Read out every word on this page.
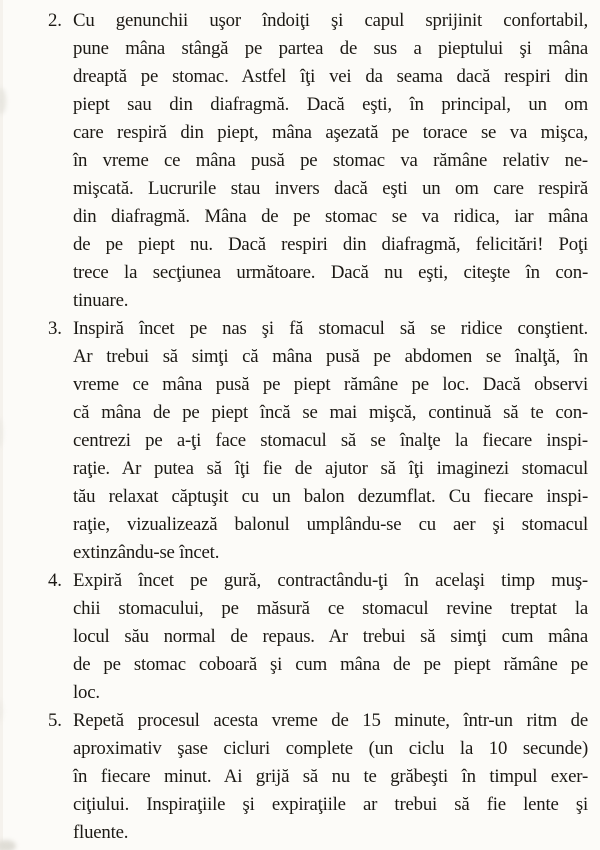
2. Cu genunchii uşor îndoiţi şi capul sprijinit confortabil,
pune mâna stângă pe partea de sus a pieptului şi mâna
dreaptă pe stomac. Astfel îţi vei da seama dacă respiri din
piept sau din diafragmă. Dacă eşti, în principal, un om
care respiră din piept, mâna aşezată pe torace se va mişca,
în vreme ce mâna pusă pe stomac va rămâne relativ ne-
mişcată. Lucrurile stau invers dacă eşti un om care respiră
din diafragmă. Mâna de pe stomac se va ridica, iar mâna
de pe piept nu. Dacă respiri din diafragmă, felicitări! Poţi
trece la secţiunea următoare. Dacă nu eşti, citeşte în con-
tinuare.
3. Inspiră încet pe nas şi fă stomacul să se ridice conştient.
Ar trebui să simţi că mâna pusă pe abdomen se înalţă, în
vreme ce mâna pusă pe piept rămâne pe loc. Dacă observi
că mâna de pe piept încă se mai mişcă, continuă să te con-
centrezi pe a-ţi face stomacul să se înalţe la fiecare inspi-
raţie. Ar putea să îţi fie de ajutor să îţi imaginezi stomacul
tău relaxat căptuşit cu un balon dezumflat. Cu fiecare inspi-
raţie, vizualizează balonul umplându-se cu aer şi stomacul
extinzându-se încet.
4. Expiră încet pe gură, contractându-ţi în acelaşi timp muş-
chii stomacului, pe măsură ce stomacul revine treptat la
locul său normal de repaus. Ar trebui să simţi cum mâna
de pe stomac coboară şi cum mâna de pe piept rămâne pe
loc.
5. Repetă procesul acesta vreme de 15 minute, într-un ritm de
aproximativ şase cicluri complete (un ciclu la 10 secunde)
în fiecare minut. Ai grijă să nu te grăbeşti în timpul exer-
ciţiului. Inspiraţiile şi expiraţiile ar trebui să fie lente şi
fluente.
